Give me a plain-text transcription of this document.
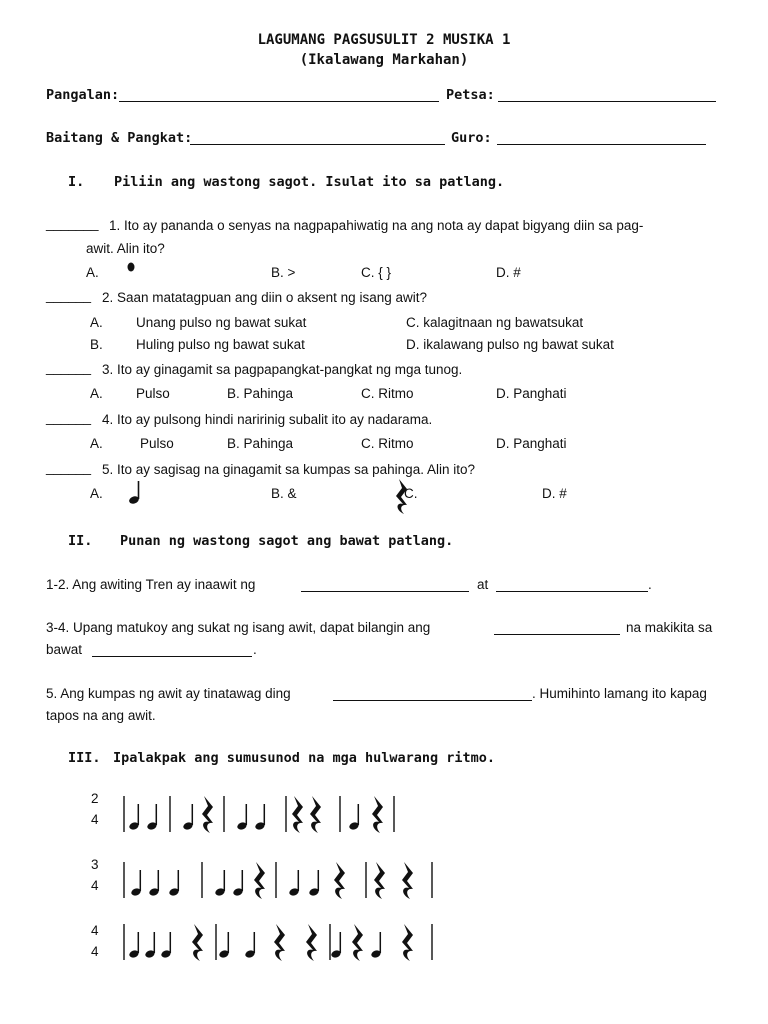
LAGUMANG PAGSUSULIT 2 MUSIKA 1
(Ikalawang Markahan)
Pangalan:	Petsa:
Baitang & Pangkat:	Guro:
I. Piliin ang wastong sagot. Isulat ito sa patlang.
_______ 1. Ito ay pananda o senyas na nagpapahiwatig na ang nota ay dapat bigyang diin sa pag-
awit. Alin ito?
A.	B. >	C. { }	D. #
______ 2. Saan matatagpuan ang diin o aksent ng isang awit?
A. Unang pulso ng bawat sukat	C. kalagitnaan ng bawatsukat
B. Huling pulso ng bawat sukat	D. ikalawang pulso ng bawat sukat
______ 3. Ito ay ginagamit sa pagpapangkat-pangkat ng mga tunog.
A. Pulso	B. Pahinga	C. Ritmo	D. Panghati
______ 4. Ito ay pulsong hindi naririnig subalit ito ay nadarama.
A.	Pulso	B. Pahinga	C. Ritmo	D. Panghati
______ 5. Ito ay sagisag na ginagamit sa kumpas sa pahinga. Alin ito?
A.	B. &	C.	D. #
II. Punan ng wastong sagot ang bawat patlang.
1-2. Ang awiting Tren ay inaawit ng	at	.
3-4. Upang matukoy ang sukat ng isang awit, dapat bilangin ang	na makikita sa
bawat	.
5. Ang kumpas ng awit ay tinatawag ding	. Humihinto lamang ito kapag
tapos na ang awit.
III. Ipalakpak ang sumusunod na mga hulwarang ritmo.
2
4
3
4
4
4
